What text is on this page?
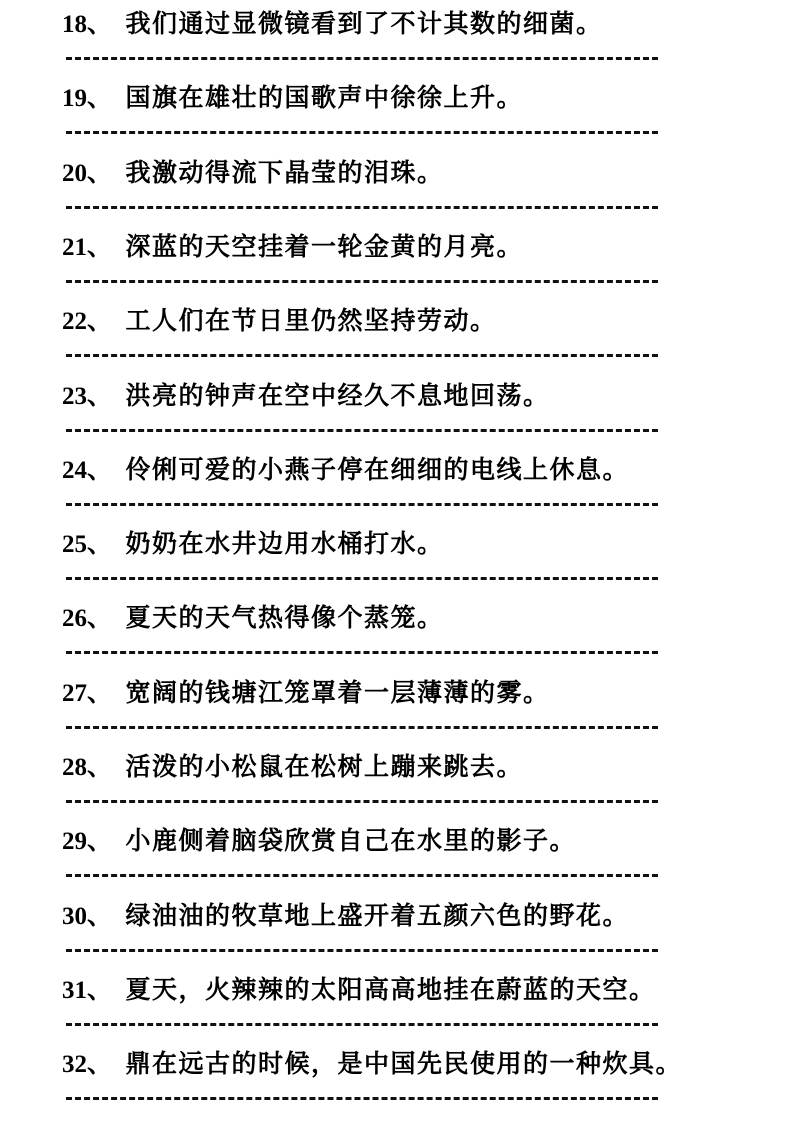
18、 我们通过显微镜看到了不计其数的细菌。
19、 国旗在雄壮的国歌声中徐徐上升。
20、 我激动得流下晶莹的泪珠。
21、 深蓝的天空挂着一轮金黄的月亮。
22、 工人们在节日里仍然坚持劳动。
23、 洪亮的钟声在空中经久不息地回荡。
24、 伶俐可爱的小燕子停在细细的电线上休息。
25、 奶奶在水井边用水桶打水。
26、 夏天的天气热得像个蒸笼。
27、 宽阔的钱塘江笼罩着一层薄薄的雾。
28、 活泼的小松鼠在松树上蹦来跳去。
29、 小鹿侧着脑袋欣赏自己在水里的影子。
30、 绿油油的牧草地上盛开着五颜六色的野花。
31、 夏天，火辣辣的太阳高高地挂在蔚蓝的天空。
32、 鼎在远古的时候，是中国先民使用的一种炊具。
